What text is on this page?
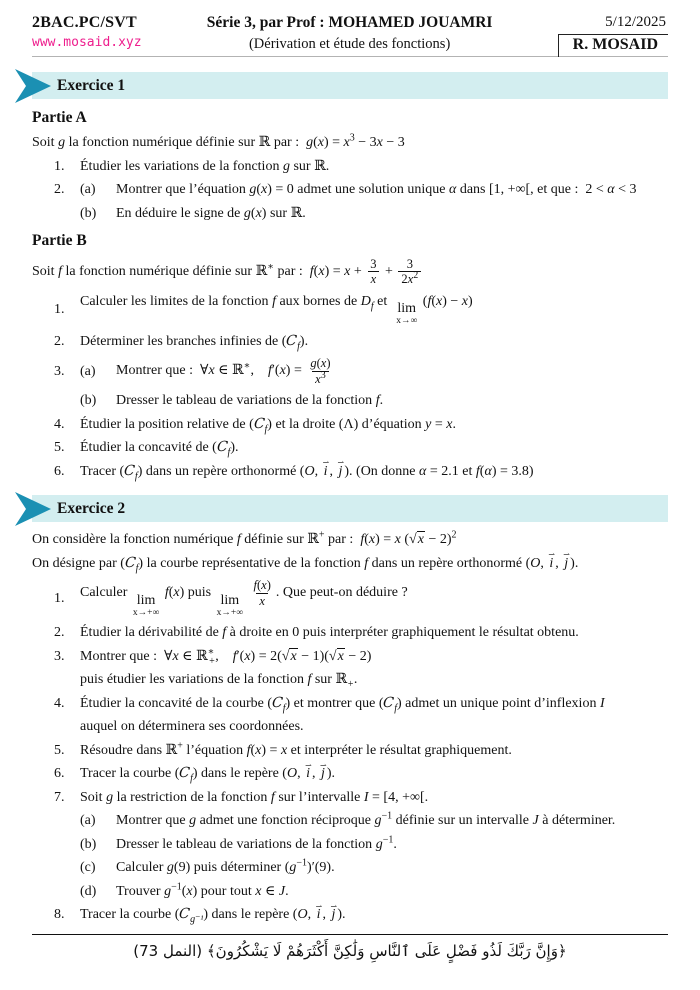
2BAC.PC/SVT
www.mosaid.xyz
Série 3, par Prof : MOHAMED JOUAMRI
(Dérivation et étude des fonctions)
5/12/2025
R. MOSAID
Exercice 1
Partie A
Soit g la fonction numérique définie sur ℝ par :  $g(x) = x^3 - 3x - 3$
1.	Étudier les variations de la fonction g sur ℝ.
2.	(a)	Montrer que l’équation g(x) = 0 admet une solution unique α dans [1, +∞[, et que :  2 < α < 3
(b)	En déduire le signe de g(x) sur ℝ.
Partie B
Soit f la fonction numérique définie sur ℝ∗ par :  $f(x) = x + \frac{3}{x} + \frac{3}{2x^2}$
1.
Calculer les limites de la fonction f aux bornes de $D_f$ et
lim
x→∞
(f(x) − x)
2.	Déterminer les branches infinies de $(C_f)$.
3.	(a)	Montrer que :  ∀x ∈ ℝ∗,    $f'(x) = \frac{g(x)}{x^3}$
(b)	Dresser le tableau de variations de la fonction f.
4.	Étudier la position relative de $(C_f)$ et la droite (Λ) d’équation y = x.
5.	Étudier la concavité de $(C_f)$.
6.	Tracer $(C_f)$ dans un repère orthonormé (O,
⇀
i ,
⇀
j ). (On donne α = 2.1 et f(α) = 3.8)
Exercice 2
On considère la fonction numérique f définie sur ℝ+ par :  f(x) = x $(√x - 2)^2$
On désigne par $(C_f)$ la courbe représentative de la fonction f dans un repère orthonormé (O,
⇀
i ,
⇀
j ).
1.	Calculer
lim
x→+∞
f(x) puis
lim
x→+∞

$\frac{f(x)}{x}$ . Que peut-on déduire ?
2.	Étudier la dérivabilité de f à droite en 0 puis interpréter graphiquement le résultat obtenu.
3.	Montrer que :  ∀x ∈ ℝ∗$_+$,    f′(x) = 2(√x − 1)(√x − 2)
puis étudier les variations de la fonction f sur ℝ$_+$.
4.	Étudier la concavité de la courbe $(C_f)$ et montrer que $(C_f)$ admet un unique point d’inflexion I
auquel on déterminera ses coordonnées.
5.	Résoudre dans ℝ+ l’équation f(x) = x et interpréter le résultat graphiquement.
6.	Tracer la courbe $(C_f)$ dans le repère (O,
⇀
i ,
⇀
j ).
7.	Soit g la restriction de la fonction f sur l’intervalle I = [4, +∞[.
(a)	Montrer que g admet une fonction réciproque $g^{-1}$ définie sur un intervalle J à déterminer.
(b)	Dresser le tableau de variations de la fonction $g^{-1}$.
(c)	Calculer g(9) puis déterminer $(g^{-1})'(9)$.
(d)	Trouver $g^{-1}(x)$ pour tout x ∈ J.
8.	Tracer la courbe $(C_{g^{-1}})$ dans le repère (O,
⇀
i ,
⇀
j ).

﴿وَإِنَّ رَبَّكَ لَذُو فَضْلٍ عَلَى ٱلنَّاسِ وَلَٰكِنَّ أَكْثَرَهُمْ لَا يَشْكُرُونَ﴾ (النمل 73)
